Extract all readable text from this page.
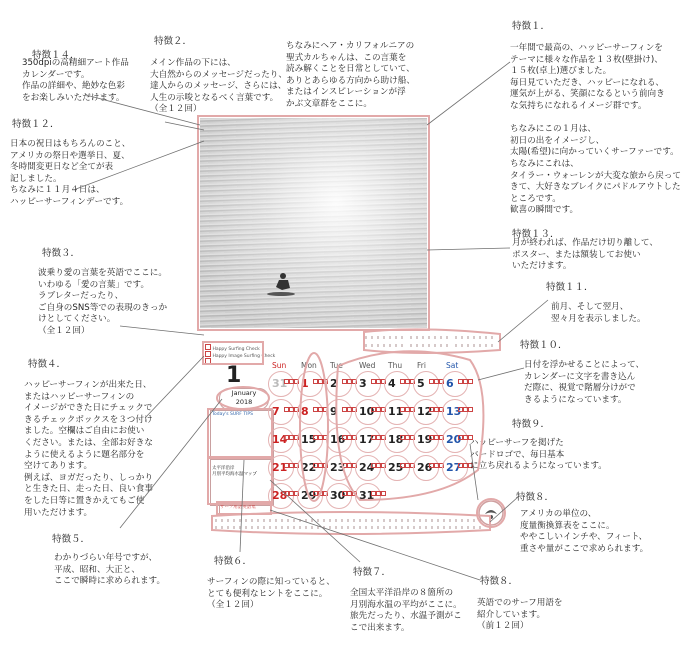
1
January
2018
Today's SURF TIPS

太平洋沿岸
月別平均海水温マップ

サーフ用語英語集
Sun Mon Tue Wed Thu Fri	Sat
31 1 2 3 4 5 6
7 8 9 10 11 12 13
14 15 16 17 18 19 20
21 22 23 24 25 26 27
28 29 30 31
Happy Surfing Check
Happy Image Surfing Check
特徴１４．
350dpiの高精細アート作品
カレンダーです。
作品の詳細や、絶妙な色彩
をお楽しみいただけます。
特徴２．
メイン作品の下には、
大自然からのメッセージだったり、
達人からのメッセージ、さらには、
人生の示唆となるべく言葉です。
（全１２回）
ちなみにヘア・カリフォルニアの
聖式カルちゃんは、この言葉を
読み解くことを日常としていて、
ありとあらゆる方向から助け船、
またはインスピレーションが浮
かぶ文章群をここに。
特徴１．
一年間で最高の、ハッピーサーフィンを
テーマに様々な作品を１３枚(壁掛け)、
１５枚(卓上)選びました。
毎日見ていただき、ハッピーになれる、
運気が上がる、笑顔になるという前向き
な気持ちになれるイメージ群です。

ちなみにこの１月は、
初日の出をイメージし、
太陽(希望)に向かっていくサーファーです。
ちなみにこれは、
タイラー・ウォーレンが大変な旅から戻って
きて、大好きなブレイクにパドルアウトした
ところです。
歓喜の瞬間です。
特徴１２．
日本の祝日はもちろんのこと、
アメリカの祭日や選挙日、夏、
冬時間変更日など全てが表
記しました。
ちなみに１１月４日は、
ハッピーサーフィンデーです。
特徴１３．
月が終われば、作品だけ切り離して、
ポスター、または額装してお使い
いただけます。
特徴３．
波乗り愛の言葉を英語でここに。
いわゆる「愛の言葉」です。
ラブレターだったり、
ご自身のSNS等での表現のきっか
けとしてください。
（全１２回）
特徴１１．
前月、そして翌月、
翌々月を表示しました。
特徴１０．
日付を浮かせることによって、
カレンダーに文字を書き込ん
だ際に、視覚で階層分けがで
きるようになっています。
特徴４．
ハッピーサーフィンが出来た日、
またはハッピーサーフィンの
イメージができた日にチェックで
きるチェックボックスを３つ付け
ました。空欄はご自由にお使い
ください。または、全部お好きな
ように使えるように題名部分を
空けてあります。
例えば、ヨガだったり、しっかり
と生きた日、走った日、良い食事
をした日等に置きかえてもご使
用いただけます。
特徴９．
ハッピーサーフを掲げた
バードロゴで、毎日基本
に立ち戻れるようになっています。
特徴８．
アメリカの単位の、
度量衡換算表をここに。
ややこしいインチや、フィート、
重さや量がここで求められます。
特徴５．
わかりづらい年号ですが、
平成、昭和、大正と、
ここで瞬時に求められます。
特徴６．
サーフィンの際に知っていると、
とても便利なヒントをここに。
（全１２回）
特徴７．
全国太平洋沿岸の８箇所の
月別海水温の平均がここに。
旅先だったり、水温予測がこ
こで出来ます。
特徴８．
英語でのサーフ用語を
紹介しています。
（前１２回）
